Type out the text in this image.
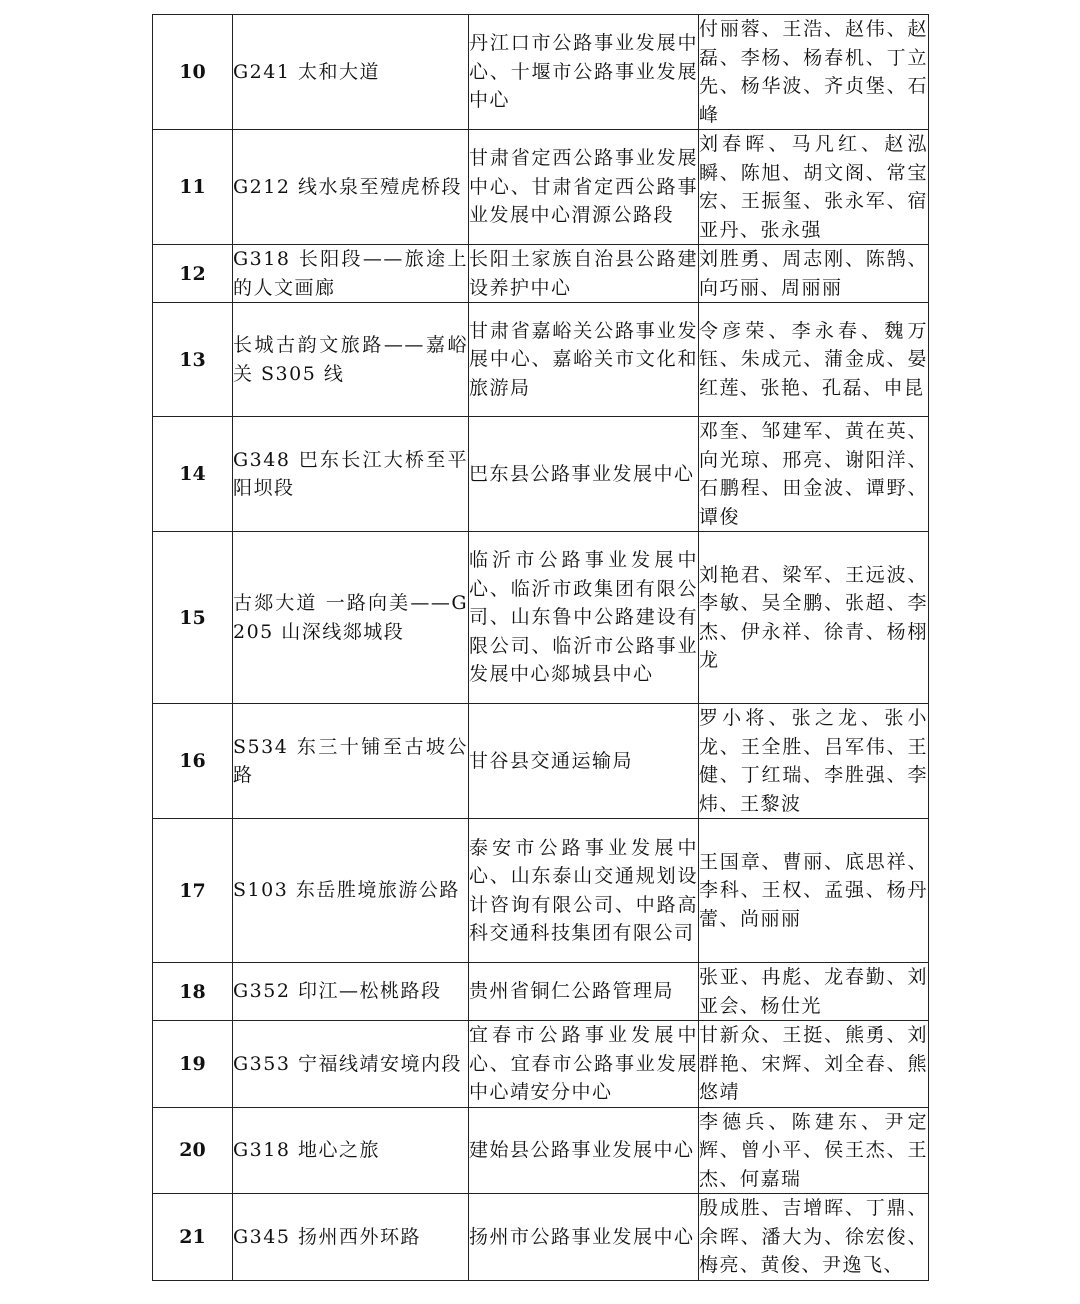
10	G241 太和大道	丹江口市公路事业发展中心、十堰市公路事业发展中心	付丽蓉、王浩、赵伟、赵磊、李杨、杨春机、丁立先、杨华波、齐贞堡、石峰

11	G212 线水泉至殪虎桥段	甘肃省定西公路事业发展中心、甘肃省定西公路事业发展中心渭源公路段	刘春晖、马凡红、赵泓瞬、陈旭、胡文阁、常宝宏、王振玺、张永军、宿亚丹、张永强

12	G318 长阳段——旅途上的人文画廊	长阳土家族自治县公路建设养护中心	刘胜勇、周志刚、陈鹄、向巧丽、周丽丽

13	长城古韵文旅路——嘉峪关 S305 线	甘肃省嘉峪关公路事业发展中心、嘉峪关市文化和旅游局	令彦荣、李永春、魏万钰、朱成元、蒲金成、晏红莲、张艳、孔磊、申昆

14	G348 巴东长江大桥至平阳坝段	巴东县公路事业发展中心	邓奎、邹建军、黄在英、向光琼、邢亮、谢阳洋、石鹏程、田金波、谭野、谭俊

15	古郯大道 一路向美——G205 山深线郯城段	临沂市公路事业发展中心、临沂市政集团有限公司、山东鲁中公路建设有限公司、临沂市公路事业发展中心郯城县中心	刘艳君、梁军、王远波、李敏、吴全鹏、张超、李杰、伊永祥、徐青、杨栩龙

16	S534 东三十铺至古坡公路	甘谷县交通运输局	罗小将、张之龙、张小龙、王全胜、吕军伟、王健、丁红瑞、李胜强、李炜、王黎波

17	S103 东岳胜境旅游公路	泰安市公路事业发展中心、山东泰山交通规划设计咨询有限公司、中路高科交通科技集团有限公司	王国章、曹丽、底思祥、李科、王权、孟强、杨丹蕾、尚丽丽

18	G352 印江—松桃路段	贵州省铜仁公路管理局	张亚、冉彪、龙春勤、刘亚会、杨仕光

19	G353 宁福线靖安境内段	宜春市公路事业发展中心、宜春市公路事业发展中心靖安分中心	甘新众、王挺、熊勇、刘群艳、宋辉、刘全春、熊悠靖

20	G318 地心之旅	建始县公路事业发展中心	李德兵、陈建东、尹定辉、曾小平、侯王杰、王杰、何嘉瑞

21	G345 扬州西外环路	扬州市公路事业发展中心	殷成胜、吉增晖、丁鼎、余晖、潘大为、徐宏俊、梅亮、黄俊、尹逸飞、
